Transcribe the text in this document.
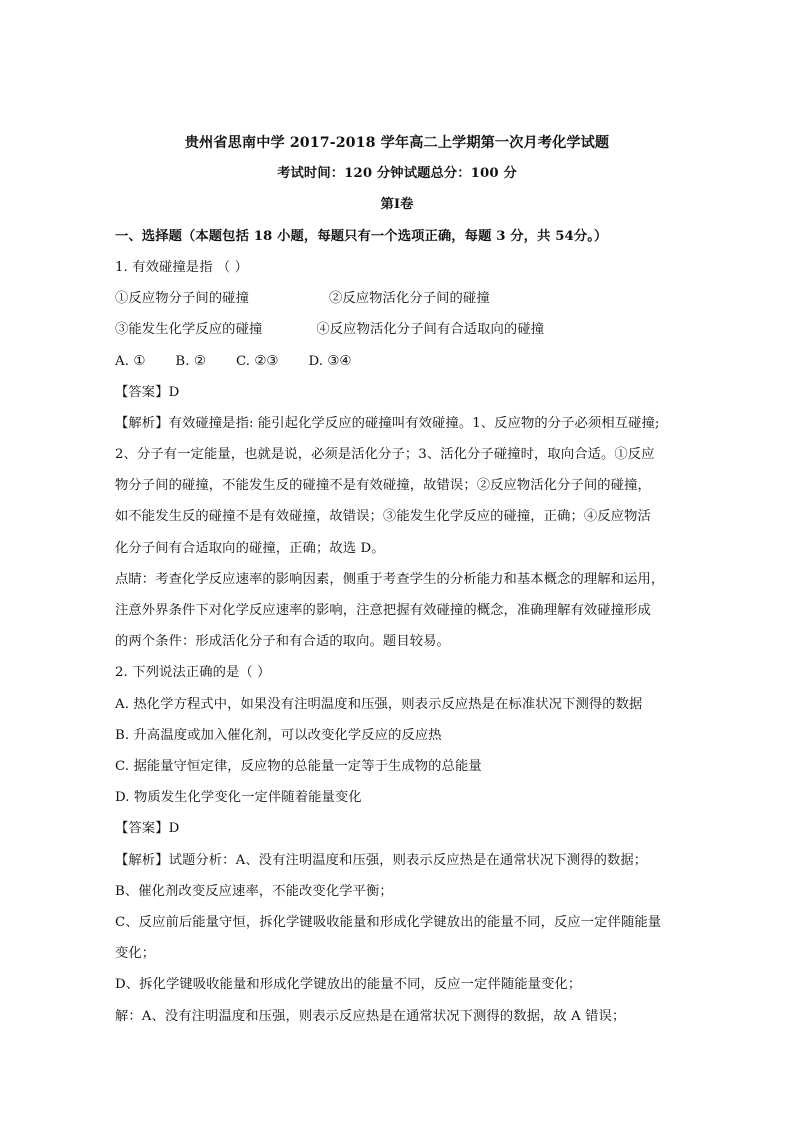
贵州省思南中学 2017-2018 学年高二上学期第一次月考化学试题
考试时间：120 分钟试题总分：100 分
第Ⅰ卷
一、选择题（本题包括 18 小题，每题只有一个选项正确，每题 3 分，共 54分。）
1. 有效碰撞是指 （ ）
①反应物分子间的碰撞	②反应物活化分子间的碰撞
③能发生化学反应的碰撞	④反应物活化分子间有合适取向的碰撞
A. ① B. ② C. ②③ D. ③④
【答案】D
【解析】有效碰撞是指: 能引起化学反应的碰撞叫有效碰撞。1、反应物的分子必须相互碰撞;
2、分子有一定能量，也就是说，必须是活化分子；3、活化分子碰撞时，取向合适。①反应
物分子间的碰撞，不能发生反的碰撞不是有效碰撞，故错误；②反应物活化分子间的碰撞，
如不能发生反的碰撞不是有效碰撞，故错误；③能发生化学反应的碰撞，正确；④反应物活
化分子间有合适取向的碰撞，正确；故选 D。
点睛：考查化学反应速率的影响因素，侧重于考查学生的分析能力和基本概念的理解和运用，
注意外界条件下对化学反应速率的影响，注意把握有效碰撞的概念，准确理解有效碰撞形成
的两个条件：形成活化分子和有合适的取向。题目较易。
2. 下列说法正确的是（ ）
A. 热化学方程式中，如果没有注明温度和压强，则表示反应热是在标准状况下测得的数据
B. 升高温度或加入催化剂，可以改变化学反应的反应热
C. 据能量守恒定律，反应物的总能量一定等于生成物的总能量
D. 物质发生化学变化一定伴随着能量变化
【答案】D
【解析】试题分析：A、没有注明温度和压强，则表示反应热是在通常状况下测得的数据；
B、催化剂改变反应速率，不能改变化学平衡；
C、反应前后能量守恒，拆化学键吸收能量和形成化学键放出的能量不同，反应一定伴随能量
变化；
D、拆化学键吸收能量和形成化学键放出的能量不同，反应一定伴随能量变化；
解：A、没有注明温度和压强，则表示反应热是在通常状况下测得的数据，故 A 错误；
